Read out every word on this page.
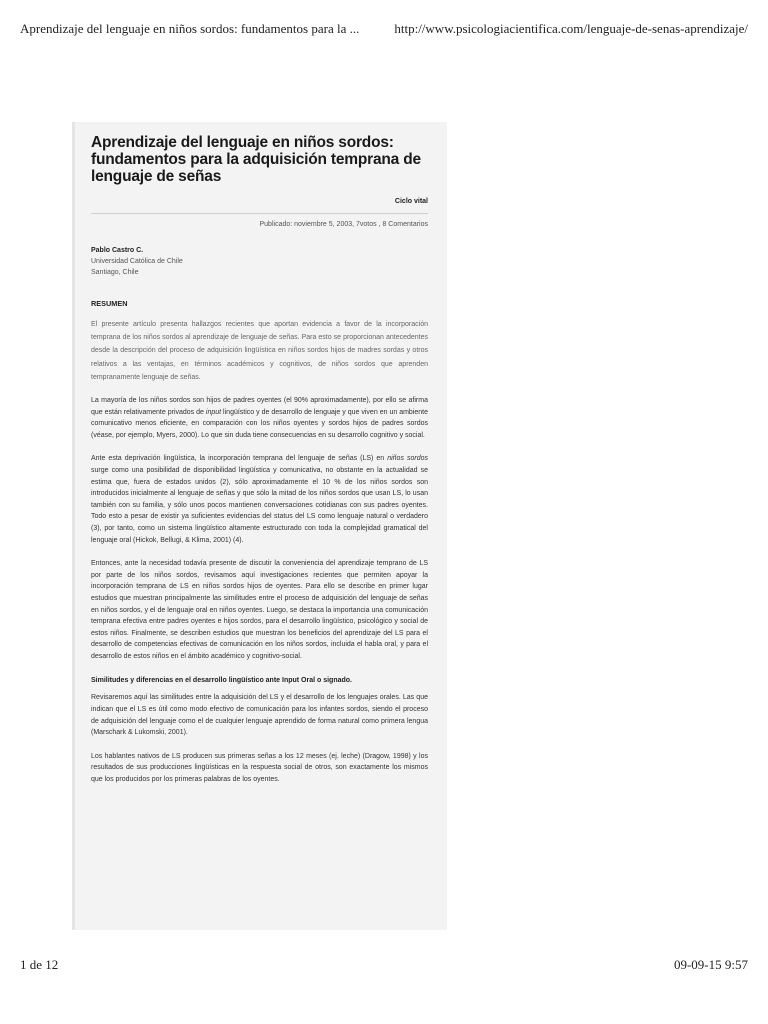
Aprendizaje del lenguaje en niños sordos: fundamentos para la ...	http://www.psicologiacientifica.com/lenguaje-de-senas-aprendizaje/
Aprendizaje del lenguaje en niños sordos: fundamentos para la adquisición temprana de lenguaje de señas
Ciclo vital
Publicado: noviembre 5, 2003, 7votos , 8 Comentarios
Pablo Castro C.
Universidad Católica de Chile
Santiago, Chile
RESUMEN
El presente artículo presenta hallazgos recientes que aportan evidencia a favor de la incorporación temprana de los niños sordos al aprendizaje de lenguaje de señas. Para esto se proporcionan antecedentes desde la descripción del proceso de adquisición lingüística en niños sordos hijos de madres sordas y otros relativos a las ventajas, en términos académicos y cognitivos, de niños sordos que aprenden tempranamente lenguaje de señas.
La mayoría de los niños sordos son hijos de padres oyentes (el 90% aproximadamente), por ello se afirma que están relativamente privados de input lingüístico y de desarrollo de lenguaje y que viven en un ambiente comunicativo menos eficiente, en comparación con los niños oyentes y sordos hijos de padres sordos (véase, por ejemplo, Myers, 2000). Lo que sin duda tiene consecuencias en su desarrollo cognitivo y social.
Ante esta deprivación lingüística, la incorporación temprana del lenguaje de señas (LS) en niños sordos surge como una posibilidad de disponibilidad lingüística y comunicativa, no obstante en la actualidad se estima que, fuera de estados unidos (2), sólo aproximadamente el 10 % de los niños sordos son introducidos inicialmente al lenguaje de señas y que sólo la mitad de los niños sordos que usan LS, lo usan también con su familia, y sólo unos pocos mantienen conversaciones cotidianas con sus padres oyentes. Todo esto a pesar de existir ya suficientes evidencias del status del LS como lenguaje natural o verdadero (3), por tanto, como un sistema lingüístico altamente estructurado con toda la complejidad gramatical del lenguaje oral (Hickok, Bellugi, & Klima, 2001) (4).
Entonces, ante la necesidad todavía presente de discutir la conveniencia del aprendizaje temprano de LS por parte de los niños sordos, revisamos aquí investigaciones recientes que permiten apoyar la incorporación temprana de LS en niños sordos hijos de oyentes. Para ello se describe en primer lugar estudios que muestran principalmente las similitudes entre el proceso de adquisición del lenguaje de señas en niños sordos, y el de lenguaje oral en niños oyentes. Luego, se destaca la importancia una comunicación temprana efectiva entre padres oyentes e hijos sordos, para el desarrollo lingüístico, psicológico y social de estos niños. Finalmente, se describen estudios que muestran los beneficios del aprendizaje del LS para el desarrollo de competencias efectivas de comunicación en los niños sordos, incluida el habla oral, y para el desarrollo de estos niños en el ámbito académico y cognitivo-social.
Similitudes y diferencias en el desarrollo lingüístico ante Input Oral o signado.
Revisaremos aquí las similitudes entre la adquisición del LS y el desarrollo de los lenguajes orales. Las que indican que el LS es útil como modo efectivo de comunicación para los infantes sordos, siendo el proceso de adquisición del lenguaje como el de cualquier lenguaje aprendido de forma natural como primera lengua (Marschark & Lukomski, 2001).
Los hablantes nativos de LS producen sus primeras señas a los 12 meses (ej. leche) (Dragow, 1998) y los resultados de sus producciones lingüísticas en la respuesta social de otros, son exactamente los mismos que los producidos por los primeras palabras de los oyentes.
1 de 12	09-09-15 9:57
